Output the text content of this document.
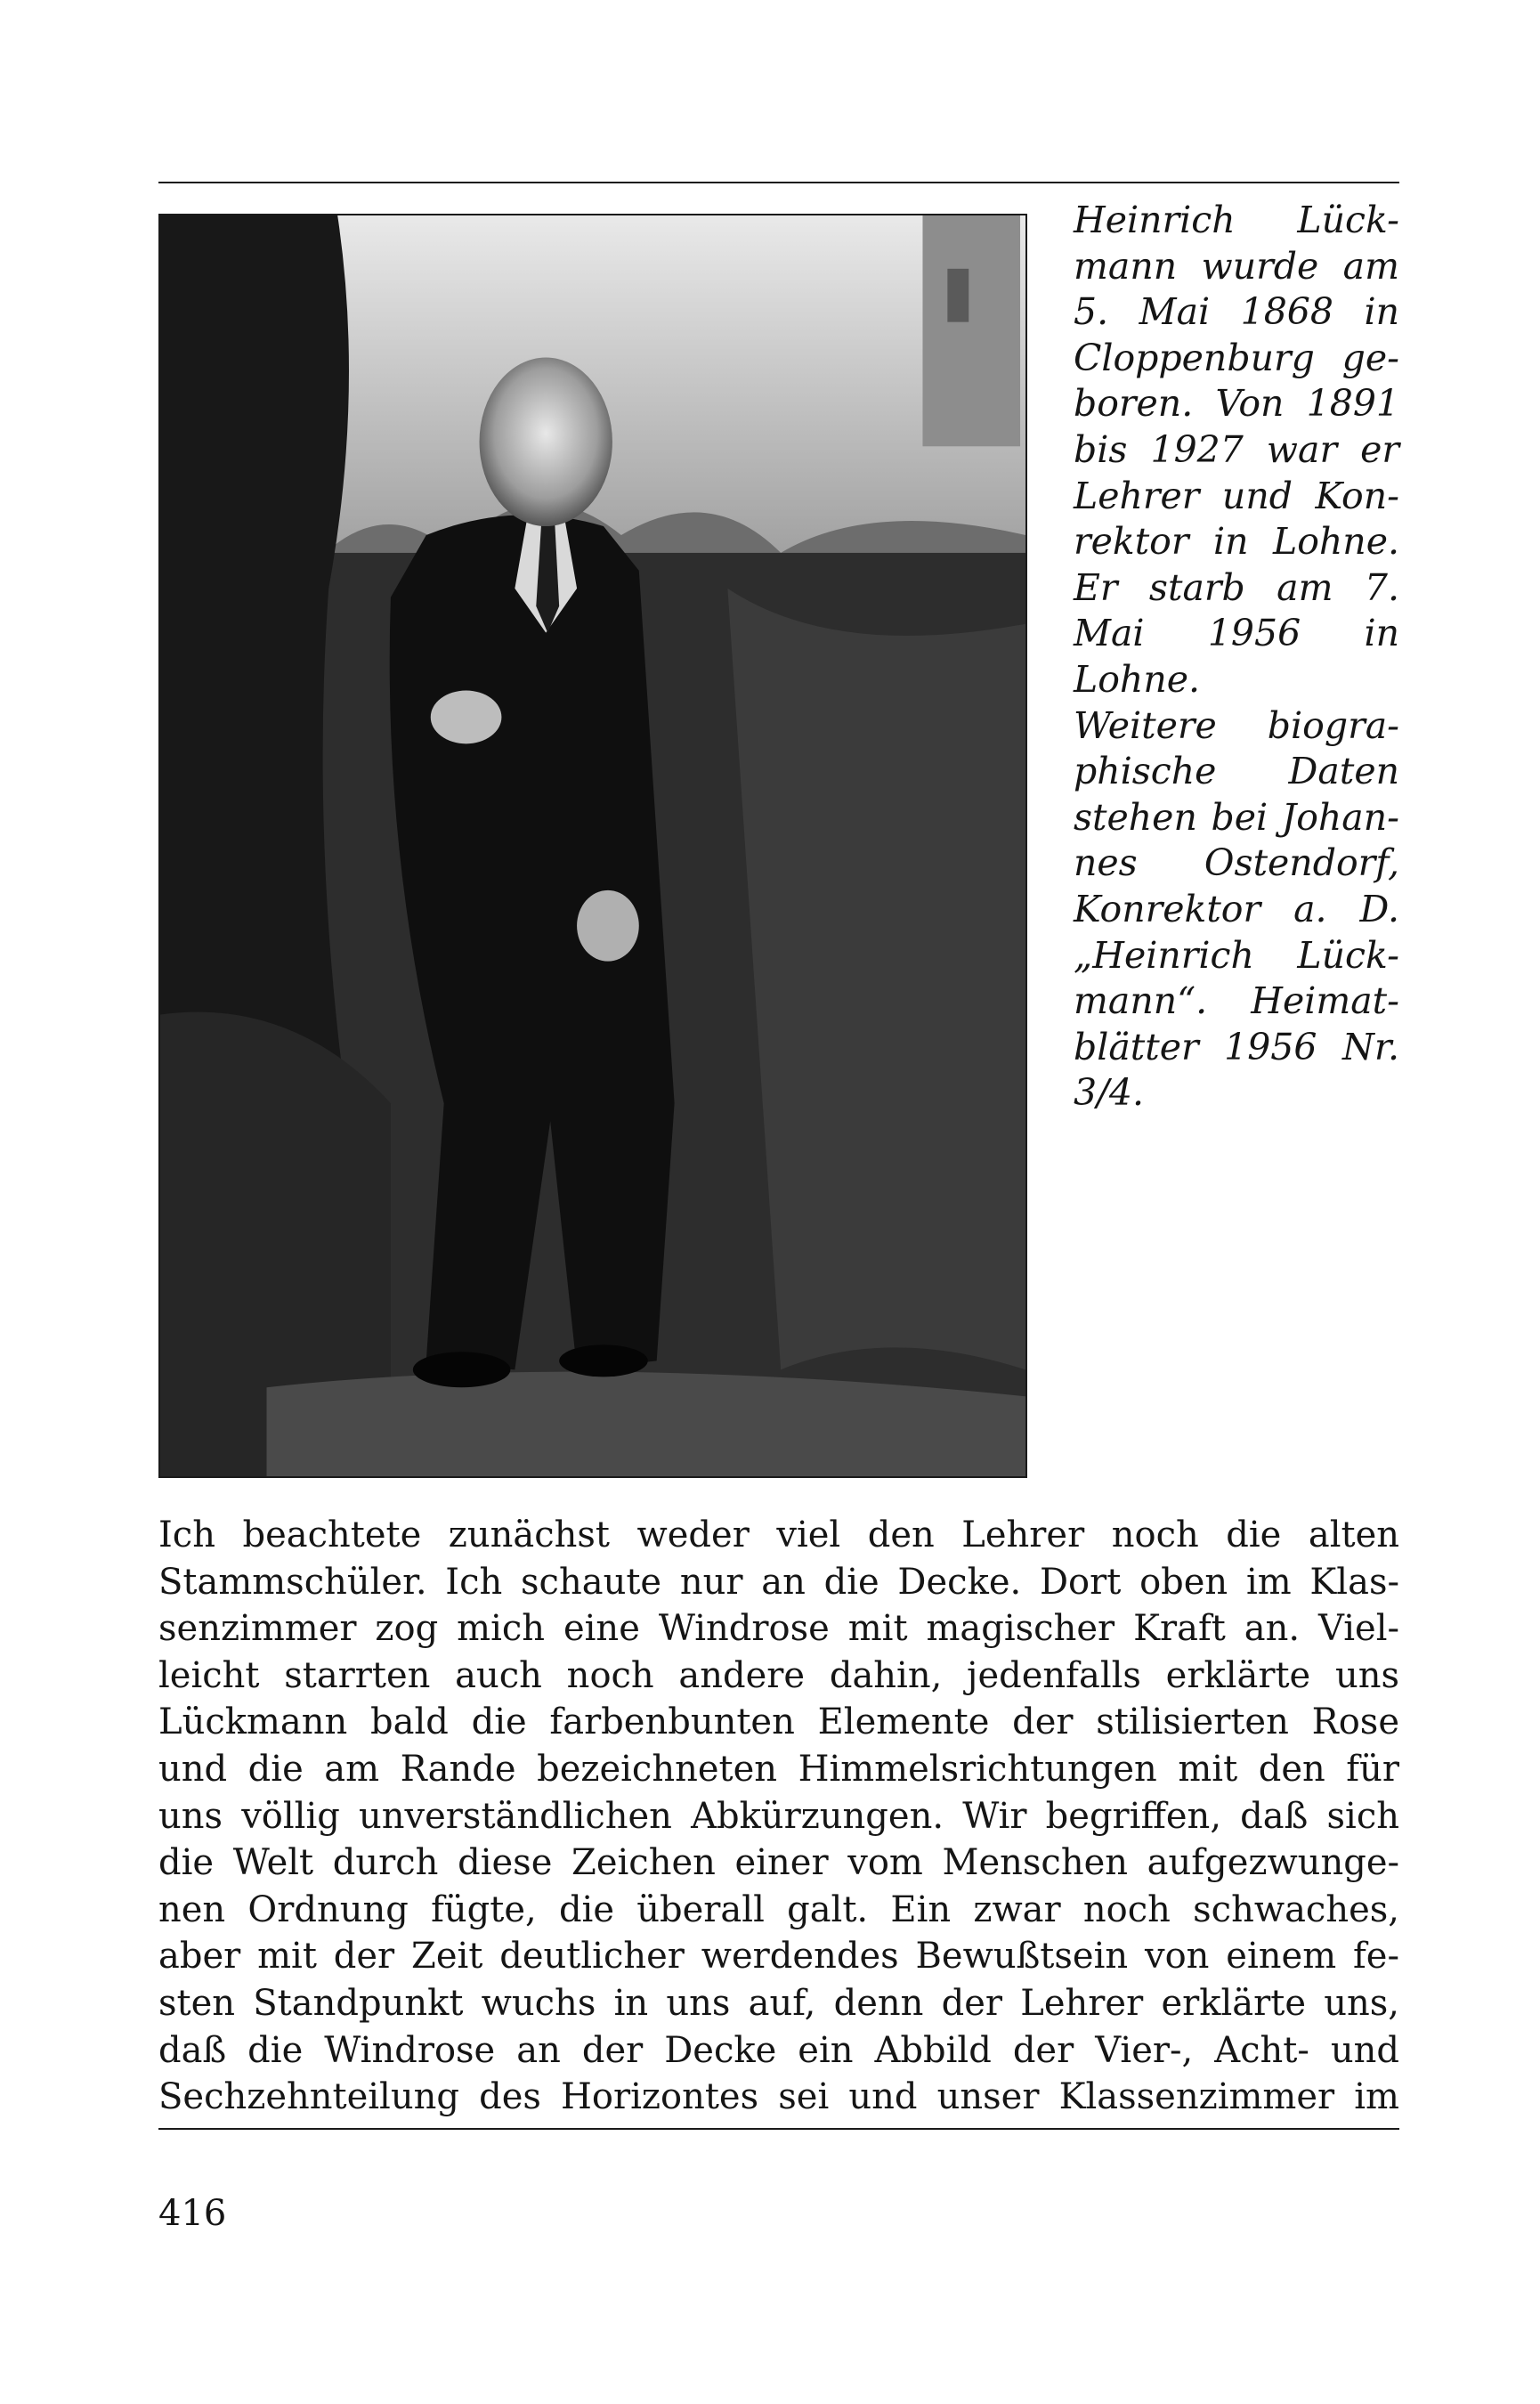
Heinrich Lück-
mann wurde am
5. Mai 1868 in
Cloppenburg ge-
boren. Von 1891
bis 1927 war er
Lehrer und Kon-
rektor in Lohne.
Er starb am 7.
Mai 1956 in
Lohne.
Weitere biogra-
phische Daten
stehen bei Johan-
nes Ostendorf,
Konrektor a. D.
„Heinrich Lück-
mann“. Heimat-
blätter 1956 Nr.
3/4.
Ich beachtete zunächst weder viel den Lehrer noch die alten
Stammschüler. Ich schaute nur an die Decke. Dort oben im Klas-
senzimmer zog mich eine Windrose mit magischer Kraft an. Viel-
leicht starrten auch noch andere dahin, jedenfalls erklärte uns
Lückmann bald die farbenbunten Elemente der stilisierten Rose
und die am Rande bezeichneten Himmelsrichtungen mit den für
uns völlig unverständlichen Abkürzungen. Wir begriffen, daß sich
die Welt durch diese Zeichen einer vom Menschen aufgezwunge-
nen Ordnung fügte, die überall galt. Ein zwar noch schwaches,
aber mit der Zeit deutlicher werdendes Bewußtsein von einem fe-
sten Standpunkt wuchs in uns auf, denn der Lehrer erklärte uns,
daß die Windrose an der Decke ein Abbild der Vier-, Acht- und
Sechzehnteilung des Horizontes sei und unser Klassenzimmer im
416
